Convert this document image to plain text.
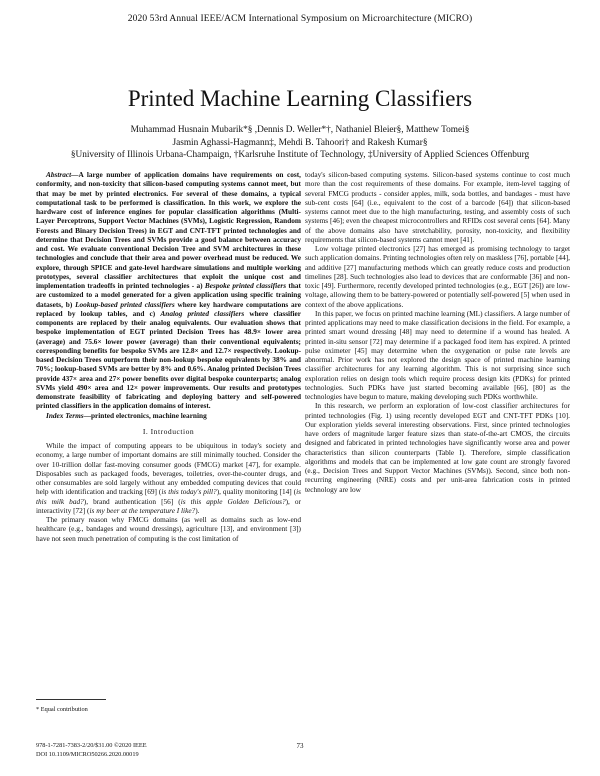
2020 53rd Annual IEEE/ACM International Symposium on Microarchitecture (MICRO)
Printed Machine Learning Classifiers
Muhammad Husnain Mubarik*§ ,Dennis D. Weller*†, Nathaniel Bleier§, Matthew Tomei§
Jasmin Aghassi-Hagmann‡, Mehdi B. Tahoori† and Rakesh Kumar§
§University of Illinois Urbana-Champaign, †Karlsruhe Institute of Technology, ‡University of Applied Sciences Offenburg

Abstract—A large number of application domains have requirements on cost, conformity, and non-toxicity that silicon-based computing systems cannot meet, but that may be met by printed electronics. For several of these domains, a typical computational task to be performed is classification. In this work, we explore the hardware cost of inference engines for popular classification algorithms (Multi-Layer Perceptrons, Support Vector Machines (SVMs), Logistic Regression, Random Forests and Binary Decision Trees) in EGT and CNT-TFT printed technologies and determine that Decision Trees and SVMs provide a good balance between accuracy and cost. We evaluate conventional Decision Tree and SVM architectures in these technologies and conclude that their area and power overhead must be reduced. We explore, through SPICE and gate-level hardware simulations and multiple working prototypes, several classifier architectures that exploit the unique cost and implementation tradeoffs in printed technologies - a) Bespoke printed classifiers that are customized to a model generated for a given application using specific training datasets, b) Lookup-based printed classifiers where key hardware computations are replaced by lookup tables, and c) Analog printed classifiers where classifier components are replaced by their analog equivalents. Our evaluation shows that bespoke implementation of EGT printed Decision Trees has 48.9× lower area (average) and 75.6× lower power (average) than their conventional equivalents; corresponding benefits for bespoke SVMs are 12.8× and 12.7× respectively. Lookup-based Decision Trees outperform their non-lookup bespoke equivalents by 38% and 70%; lookup-based SVMs are better by 8% and 0.6%. Analog printed Decision Trees provide 437× area and 27× power benefits over digital bespoke counterparts; analog SVMs yield 490× area and 12× power improvements. Our results and prototypes demonstrate feasibility of fabricating and deploying battery and self-powered printed classifiers in the application domains of interest.

Index Terms—printed electronics, machine learning

I. Introduction

While the impact of computing appears to be ubiquitous in today's society and economy, a large number of important domains are still minimally touched. Consider the over 10-trillion dollar fast-moving consumer goods (FMCG) market [47], for example. Disposables such as packaged foods, beverages, toiletries, over-the-counter drugs, and other consumables are sold largely without any embedded computing devices that could help with identification and tracking [69] (is this today's pill?), quality monitoring [14] (is this milk bad?), brand authentication [56] (is this apple Golden Delicious?), or interactivity [72] (is my beer at the temperature I like?).

The primary reason why FMCG domains (as well as domains such as low-end healthcare (e.g., bandages and wound dressings), agriculture [13], and environment [3]) have not seen much penetration of computing is the cost limitation of

today's silicon-based computing systems. Silicon-based systems continue to cost much more than the cost requirements of these domains. For example, item-level tagging of several FMCG products - consider apples, milk, soda bottles, and bandages - must have sub-cent costs [64] (i.e., equivalent to the cost of a barcode [64]) that silicon-based systems cannot meet due to the high manufacturing, testing, and assembly costs of such systems [46]; even the cheapest microcontrollers and RFIDs cost several cents [64]. Many of the above domains also have stretchability, porosity, non-toxicity, and flexibility requirements that silicon-based systems cannot meet [41].

Low voltage printed electronics [27] has emerged as promising technology to target such application domains. Printing technologies often rely on maskless [76], portable [44], and additive [27] manufacturing methods which can greatly reduce costs and production timelines [28]. Such technologies also lead to devices that are conformable [36] and non-toxic [49]. Furthermore, recently developed printed technologies (e.g., EGT [26]) are low-voltage, allowing them to be battery-powered or potentially self-powered [5] when used in context of the above applications.

In this paper, we focus on printed machine learning (ML) classifiers. A large number of printed applications may need to make classification decisions in the field. For example, a printed smart wound dressing [48] may need to determine if a wound has healed. A printed in-situ sensor [72] may determine if a packaged food item has expired. A printed pulse oximeter [45] may determine when the oxygenation or pulse rate levels are abnormal. Prior work has not explored the design space of printed machine learning classifier architectures for any learning algorithm. This is not surprising since such exploration relies on design tools which require process design kits (PDKs) for printed technologies. Such PDKs have just started becoming available [66], [80] as the technologies have begun to mature, making developing such PDKs worthwhile.

In this research, we perform an exploration of low-cost classifier architectures for printed technologies (Fig. 1) using recently developed EGT and CNT-TFT PDKs [10]. Our exploration yields several interesting observations. First, since printed technologies have orders of magnitude larger feature sizes than state-of-the-art CMOS, the circuits designed and fabricated in printed technologies have significantly worse area and power characteristics than silicon counterparts (Table I). Therefore, simple classification algorithms and models that can be implemented at low gate count are strongly favored (e.g., Decision Trees and Support Vector Machines (SVMs)). Second, since both non-recurring engineering (NRE) costs and per unit-area fabrication costs in printed technology are low

* Equal contribution
978-1-7281-7383-2/20/$31.00 ©2020 IEEE
DOI 10.1109/MICRO50266.2020.00019
73
